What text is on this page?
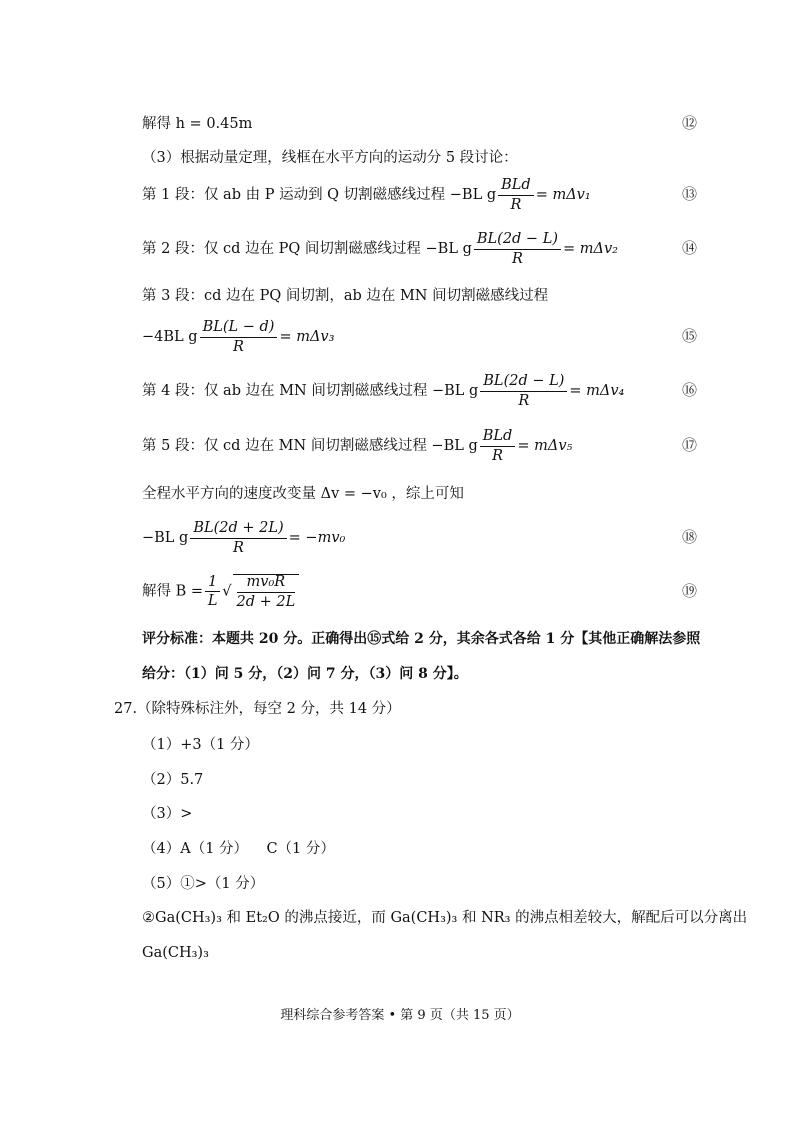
解得 h = 0.45m	⑫
（3）根据动量定理，线框在水平方向的运动分 5 段讨论：
第 1 段：仅 ab 由 P 运动到 Q 切割磁感线过程 −BL g $\frac{\text{BLd}}{R} = m\Delta v_1$	⑬
第 2 段：仅 cd 边在 PQ 间切割磁感线过程 −BL g $\frac{BL(2d - L)}{R} = m\Delta v_2$	⑭
第 3 段：cd 边在 PQ 间切割，ab 边在 MN 间切割磁感线过程
−4BL g $\frac{BL(L - d)}{R} = m\Delta v_3$	⑮
第 4 段：仅 ab 边在 MN 间切割磁感线过程 −BL g $\frac{BL(2d - L)}{R} = m\Delta v_4$	⑯
第 5 段：仅 cd 边在 MN 间切割磁感线过程 −BL g $\frac{\text{BLd}}{R} = m\Delta v_5$	⑰
全程水平方向的速度改变量 Δv = −v₀ ，综上可知
−BL g $\frac{BL(2d + 2L)}{R} = -mv_0$	⑱
解得 $B = \frac{1}{L}$ √ $\frac{\text{mv₀R}}{2d + 2L}$	⑲
评分标准：本题共 20 分。正确得出⑮式给 2 分，其余各式各给 1 分【其他正确解法参照
给分：（1）问 5 分，（2）问 7 分，（3）问 8 分】。
27.（除特殊标注外，每空 2 分，共 14 分）
（1）+3（1 分）
（2）5.7
（3）>
（4）A（1 分）    C（1 分）
（5）①>（1 分）
②Ga(CH₃)₃ 和 Et₂O 的沸点接近，而 Ga(CH₃)₃ 和 NR₃ 的沸点相差较大，解配后可以分离出
Ga(CH₃)₃
理科综合参考答案 • 第 9 页（共 15 页）
